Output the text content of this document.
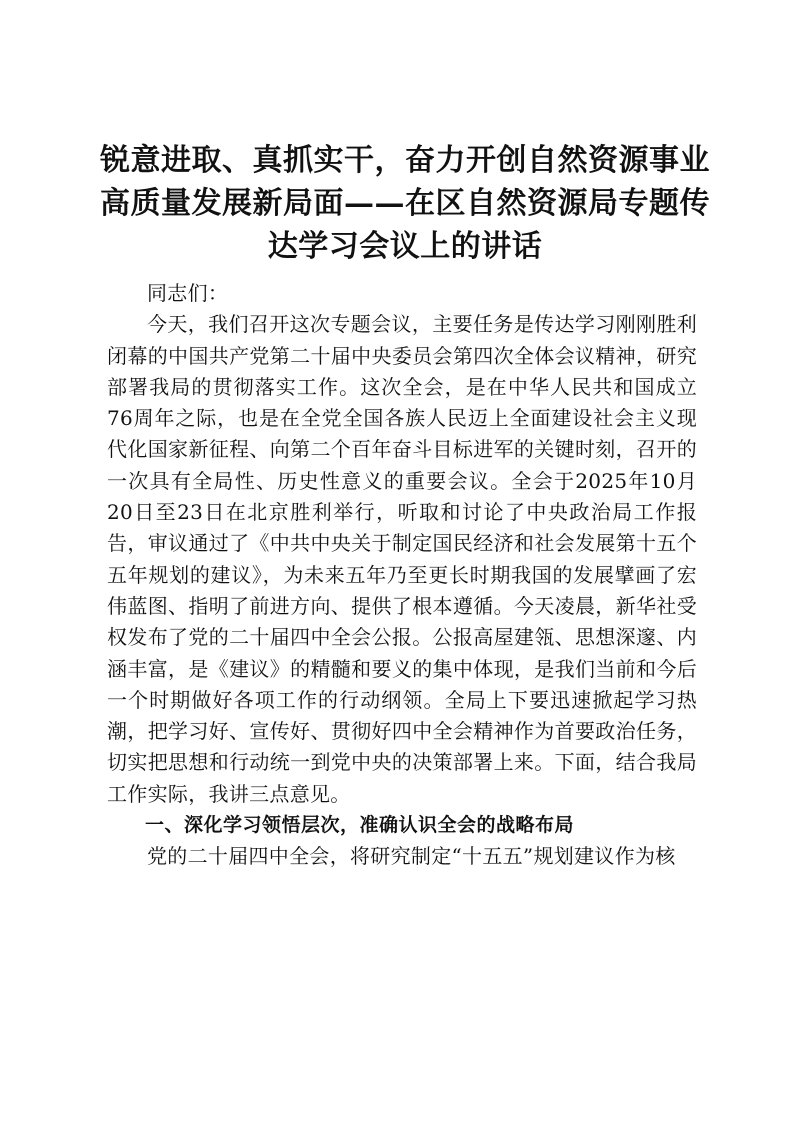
锐意进取、真抓实干，奋力开创自然资源事业高质量发展新局面——在区自然资源局专题传达学习会议上的讲话

同志们：

今天，我们召开这次专题会议，主要任务是传达学习刚刚胜利闭幕的中国共产党第二十届中央委员会第四次全体会议精神，研究部署我局的贯彻落实工作。这次全会，是在中华人民共和国成立76周年之际，也是在全党全国各族人民迈上全面建设社会主义现代化国家新征程、向第二个百年奋斗目标进军的关键时刻，召开的一次具有全局性、历史性意义的重要会议。全会于2025年10月20日至23日在北京胜利举行，听取和讨论了中央政治局工作报告，审议通过了《中共中央关于制定国民经济和社会发展第十五个五年规划的建议》，为未来五年乃至更长时期我国的发展擘画了宏伟蓝图、指明了前进方向、提供了根本遵循。今天凌晨，新华社受权发布了党的二十届四中全会公报。公报高屋建瓴、思想深邃、内涵丰富，是《建议》的精髓和要义的集中体现，是我们当前和今后一个时期做好各项工作的行动纲领。全局上下要迅速掀起学习热潮，把学习好、宣传好、贯彻好四中全会精神作为首要政治任务，切实把思想和行动统一到党中央的决策部署上来。下面，结合我局工作实际，我讲三点意见。

一、深化学习领悟层次，准确认识全会的战略布局

党的二十届四中全会，将研究制定“十五五”规划建议作为核
